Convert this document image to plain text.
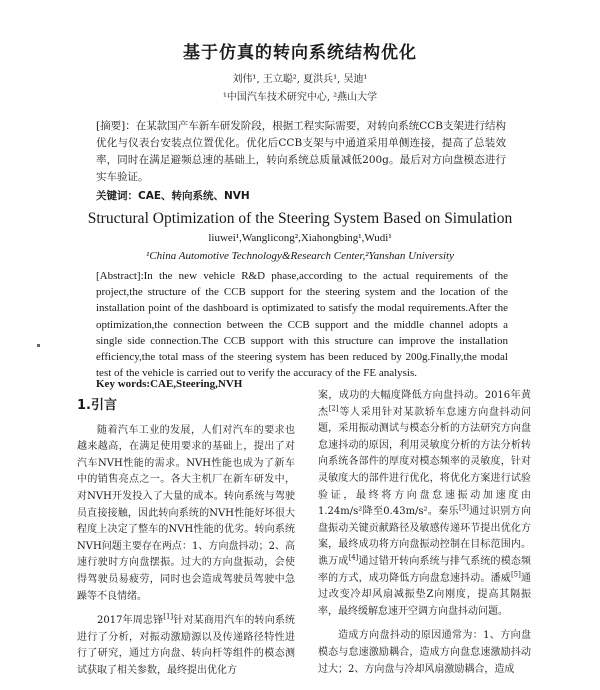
基于仿真的转向系统结构优化
刘伟¹, 王立聪², 夏洪兵¹, 吴迪¹
¹中国汽车技术研究中心, ²燕山大学
[摘要]：在某款国产车新车研发阶段，根据工程实际需要，对转向系统CCB支架进行结构优化与仪表台安装点位置优化。优化后CCB支架与中通道采用单侧连接，提高了总装效率，同时在满足避频总速的基础上，转向系统总质量减低200g。最后对方向盘模态进行实车验证。
关键词：CAE、转向系统、NVH
Structural Optimization of the Steering System Based on Simulation
liuwei¹,Wanglicong²,Xiahongbing¹,Wudi¹
¹China Automotive Technology&Research Center,²Yanshan University
[Abstract]:In the new vehicle R&D phase,according to the actual requirements of the project,the structure of the CCB support for the steering system and the location of the installation point of the dashboard is optimizated to satisfy the modal requirements.After the optimization,the connection between the CCB support and the middle channel adopts a single side connection.The CCB support with this structure can improve the installation efficiency,the total mass of the steering system has been reduced by 200g.Finally,the modal test of the vehicle is carried out to verify the accuracy of the FE analysis.
Key words:CAE,Steering,NVH

1.引言

随着汽车工业的发展，人们对汽车的要求也越来越高，在满足使用要求的基础上，提出了对汽车NVH性能的需求。NVH性能也成为了新车中的销售亮点之一。各大主机厂在新车研发中，对NVH开发投入了大量的成本。转向系统与驾驶员直接接触，因此转向系统的NVH性能好坏很大程度上决定了整车的NVH性能的优劣。转向系统NVH问题主要存在两点：1、方向盘抖动；2、高速行驶时方向盘摆振。过大的方向盘振动，会使得驾驶员易疲劳，同时也会造成驾驶员驾驶中急躁等不良情绪。

2017年周忠锋[1]针对某商用汽车的转向系统进行了分析，对振动激励源以及传递路径特性进行了研究，通过方向盘、转向杆等组件的模态测试获取了相关参数，最终提出优化方

案，成功的大幅度降低方向盘抖动。2016年黄杰[2]等人采用针对某款轿车怠速方向盘抖动问题，采用振动测试与模态分析的方法研究方向盘怠速抖动的原因，利用灵敏度分析的方法分析转向系统各部件的厚度对模态频率的灵敏度，针对灵敏度大的部件进行优化，将优化方案进行试验验证，最终将方向盘怠速振动加速度由1.24m/s²降至0.43m/s²。秦乐[3]通过识别方向盘振动关键贡献路径及敏感传递环节提出优化方案，最终成功将方向盘振动控制在目标范围内。谯万成[4]通过错开转向系统与排气系统的模态频率的方式，成功降低方向盘怠速抖动。潘威[5]通过改变冷却风扇减振垫Z向刚度，提高其隔振率，最终缓解怠速开空调方向盘抖动问题。

造成方向盘抖动的原因通常为：1、方向盘模态与怠速激励耦合，造成方向盘怠速激励抖动过大；2、方向盘与冷却风扇激励耦合，造成
